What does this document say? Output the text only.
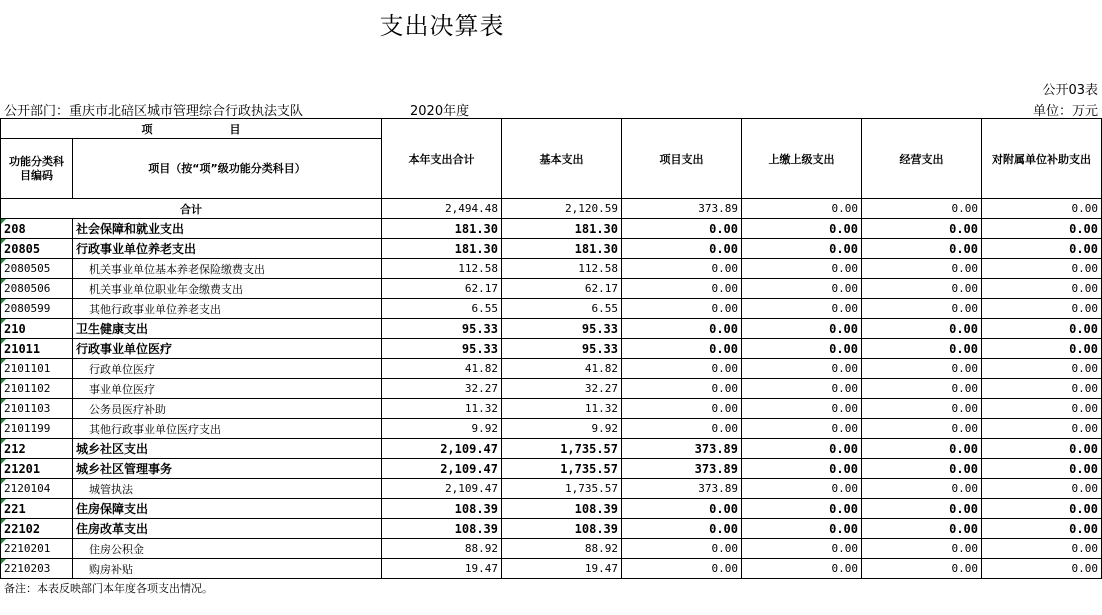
支出决算表
公开03表
公开部门：重庆市北碚区城市管理综合行政执法支队	2020年度	单位：万元
项　　　　　　　目		本年支出合计	基本支出	项目支出	上缴上级支出	经营支出	对附属单位补助支出
功能分类科目编码	项目（按“项”级功能分类科目）						
合计		2,494.48	2,120.59	373.89	0.00	0.00	0.00
208	社会保障和就业支出	181.30	181.30	0.00	0.00	0.00	0.00
20805	行政事业单位养老支出	181.30	181.30	0.00	0.00	0.00	0.00
2080505	机关事业单位基本养老保险缴费支出	112.58	112.58	0.00	0.00	0.00	0.00
2080506	机关事业单位职业年金缴费支出	62.17	62.17	0.00	0.00	0.00	0.00
2080599	其他行政事业单位养老支出	6.55	6.55	0.00	0.00	0.00	0.00
210	卫生健康支出	95.33	95.33	0.00	0.00	0.00	0.00
21011	行政事业单位医疗	95.33	95.33	0.00	0.00	0.00	0.00
2101101	行政单位医疗	41.82	41.82	0.00	0.00	0.00	0.00
2101102	事业单位医疗	32.27	32.27	0.00	0.00	0.00	0.00
2101103	公务员医疗补助	11.32	11.32	0.00	0.00	0.00	0.00
2101199	其他行政事业单位医疗支出	9.92	9.92	0.00	0.00	0.00	0.00
212	城乡社区支出	2,109.47	1,735.57	373.89	0.00	0.00	0.00
21201	城乡社区管理事务	2,109.47	1,735.57	373.89	0.00	0.00	0.00
2120104	城管执法	2,109.47	1,735.57	373.89	0.00	0.00	0.00
221	住房保障支出	108.39	108.39	0.00	0.00	0.00	0.00
22102	住房改革支出	108.39	108.39	0.00	0.00	0.00	0.00
2210201	住房公积金	88.92	88.92	0.00	0.00	0.00	0.00
2210203	购房补贴	19.47	19.47	0.00	0.00	0.00	0.00
备注：本表反映部门本年度各项支出情况。
